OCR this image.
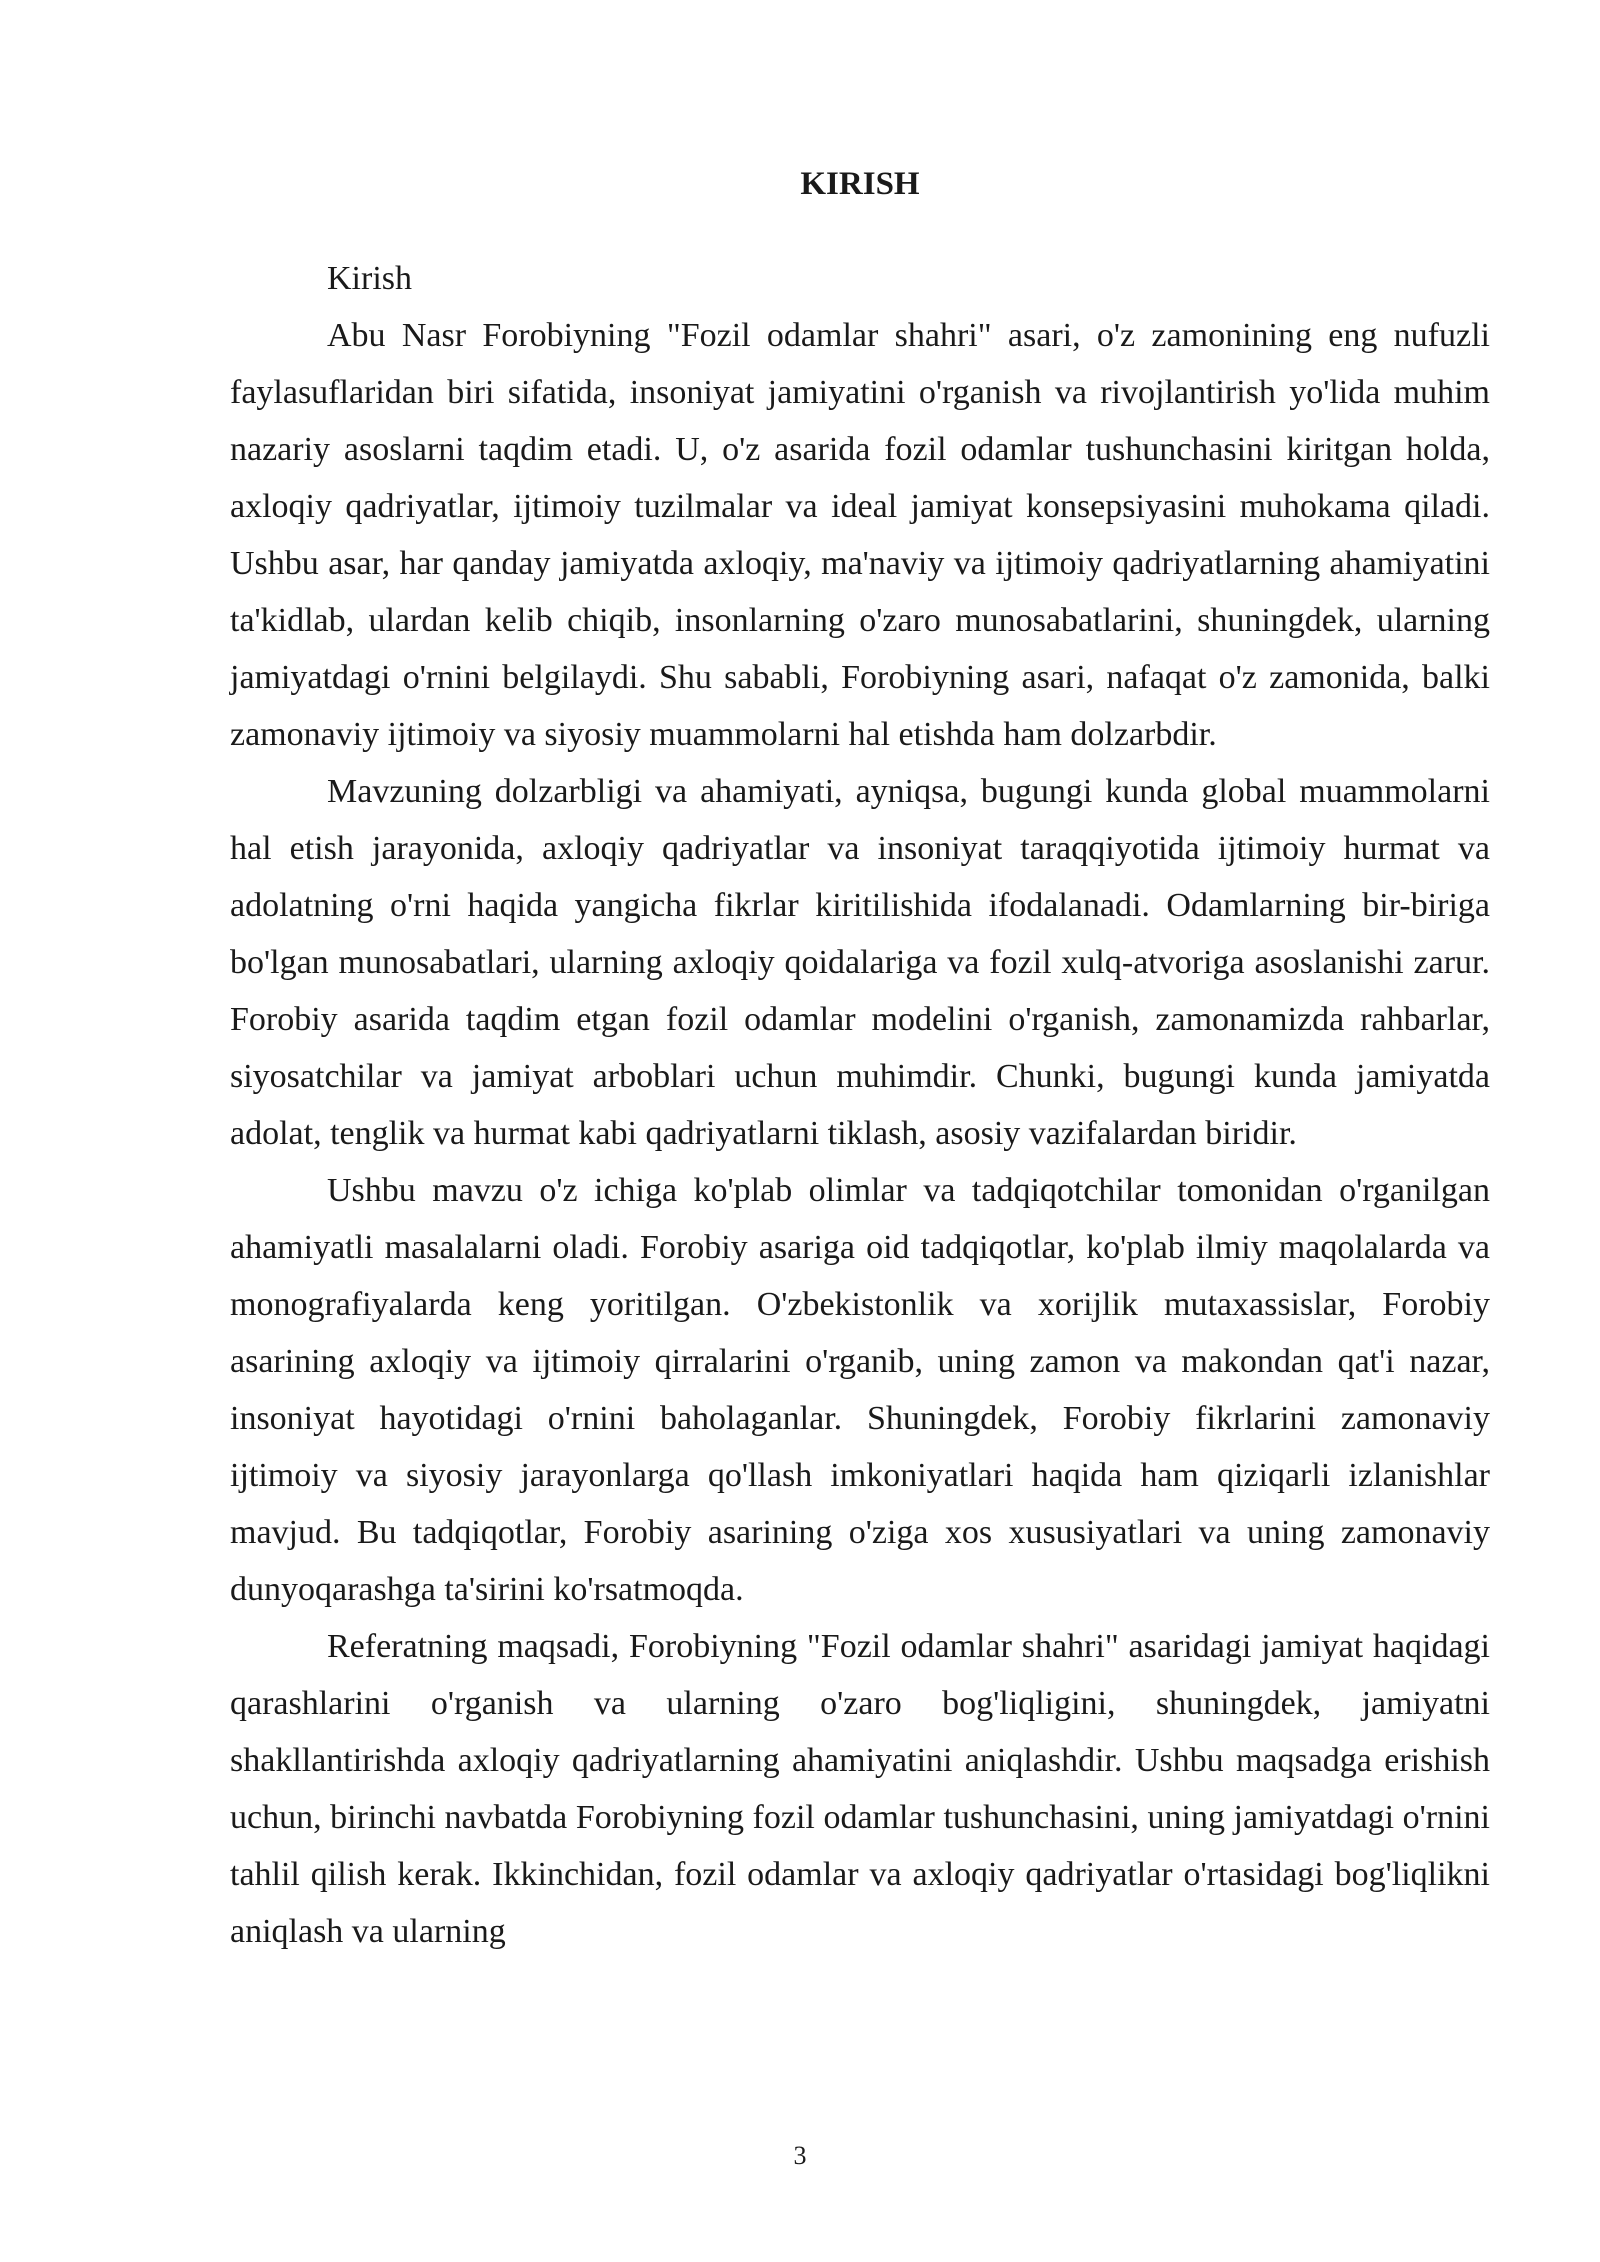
KIRISH

Kirish

Abu Nasr Forobiyning "Fozil odamlar shahri" asari, o'z zamonining eng nufuzli faylasuflaridan biri sifatida, insoniyat jamiyatini o'rganish va rivojlantirish yo'lida muhim nazariy asoslarni taqdim etadi. U, o'z asarida fozil odamlar tushunchasini kiritgan holda, axloqiy qadriyatlar, ijtimoiy tuzilmalar va ideal jamiyat konsepsiyasini muhokama qiladi. Ushbu asar, har qanday jamiyatda axloqiy, ma'naviy va ijtimoiy qadriyatlarning ahamiyatini ta'kidlab, ulardan kelib chiqib, insonlarning o'zaro munosabatlarini, shuningdek, ularning jamiyatdagi o'rnini belgilaydi. Shu sababli, Forobiyning asari, nafaqat o'z zamonida, balki zamonaviy ijtimoiy va siyosiy muammolarni hal etishda ham dolzarbdir.

Mavzuning dolzarbligi va ahamiyati, ayniqsa, bugungi kunda global muammolarni hal etish jarayonida, axloqiy qadriyatlar va insoniyat taraqqiyotida ijtimoiy hurmat va adolatning o'rni haqida yangicha fikrlar kiritilishida ifodalanadi. Odamlarning bir-biriga bo'lgan munosabatlari, ularning axloqiy qoidalariga va fozil xulq-atvoriga asoslanishi zarur. Forobiy asarida taqdim etgan fozil odamlar modelini o'rganish, zamonamizda rahbarlar, siyosatchilar va jamiyat arboblari uchun muhimdir. Chunki, bugungi kunda jamiyatda adolat, tenglik va hurmat kabi qadriyatlarni tiklash, asosiy vazifalardan biridir.

Ushbu mavzu o'z ichiga ko'plab olimlar va tadqiqotchilar tomonidan o'rganilgan ahamiyatli masalalarni oladi. Forobiy asariga oid tadqiqotlar, ko'plab ilmiy maqolalarda va monografiyalarda keng yoritilgan. O'zbekistonlik va xorijlik mutaxassislar, Forobiy asarining axloqiy va ijtimoiy qirralarini o'rganib, uning zamon va makondan qat'i nazar, insoniyat hayotidagi o'rnini baholaganlar. Shuningdek, Forobiy fikrlarini zamonaviy ijtimoiy va siyosiy jarayonlarga qo'llash imkoniyatlari haqida ham qiziqarli izlanishlar mavjud. Bu tadqiqotlar, Forobiy asarining o'ziga xos xususiyatlari va uning zamonaviy dunyoqarashga ta'sirini ko'rsatmoqda.

Referatning maqsadi, Forobiyning "Fozil odamlar shahri" asaridagi jamiyat haqidagi qarashlarini o'rganish va ularning o'zaro bog'liqligini, shuningdek, jamiyatni shakllantirishda axloqiy qadriyatlarning ahamiyatini aniqlashdir. Ushbu maqsadga erishish uchun, birinchi navbatda Forobiyning fozil odamlar tushunchasini, uning jamiyatdagi o'rnini tahlil qilish kerak. Ikkinchidan, fozil odamlar va axloqiy qadriyatlar o'rtasidagi bog'liqlikni aniqlash va ularning

3
